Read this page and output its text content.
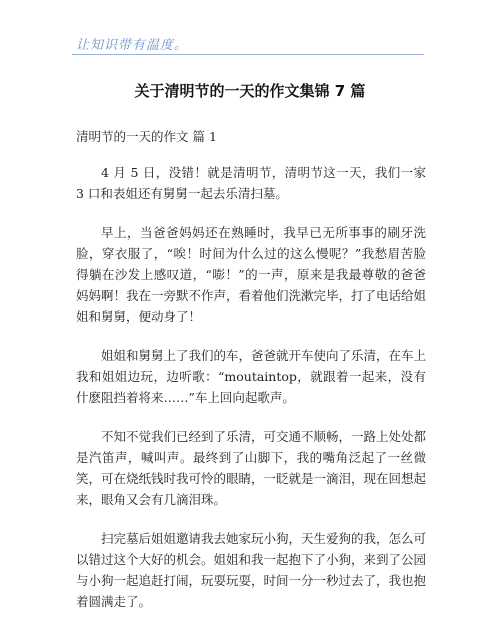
让知识带有温度。
关于清明节的一天的作文集锦 7 篇
清明节的一天的作文 篇 1

4 月 5 日，没错！就是清明节，清明节这一天，我们一家 3 口和表姐还有舅舅一起去乐清扫墓。

早上，当爸爸妈妈还在熟睡时，我早已无所事事的刷牙洗脸，穿衣服了，“唉！时间为什么过的这么慢呢？”我愁眉苦脸得躺在沙发上感叹道，“嘭！”的一声，原来是我最尊敬的爸爸妈妈啊！我在一旁默不作声，看着他们洗漱完毕，打了电话给姐姐和舅舅，便动身了！

姐姐和舅舅上了我们的车，爸爸就开车使向了乐清，在车上我和姐姐边玩，边听歌：“moutaintop，就跟着一起来，没有什麽阻挡着将来……”车上回向起歌声。

不知不觉我们已经到了乐清，可交通不顺畅，一路上处处都是汽笛声，喊叫声。最终到了山脚下，我的嘴角泛起了一丝微笑，可在烧纸钱时我可怜的眼睛，一眨就是一滴泪，现在回想起来，眼角又会有几滴泪珠。

扫完墓后姐姐邀请我去她家玩小狗，天生爱狗的我，怎么可以错过这个大好的机会。姐姐和我一起抱下了小狗，来到了公园与小狗一起追赶打闹，玩耍玩耍，时间一分一秒过去了，我也抱着圆满走了。
